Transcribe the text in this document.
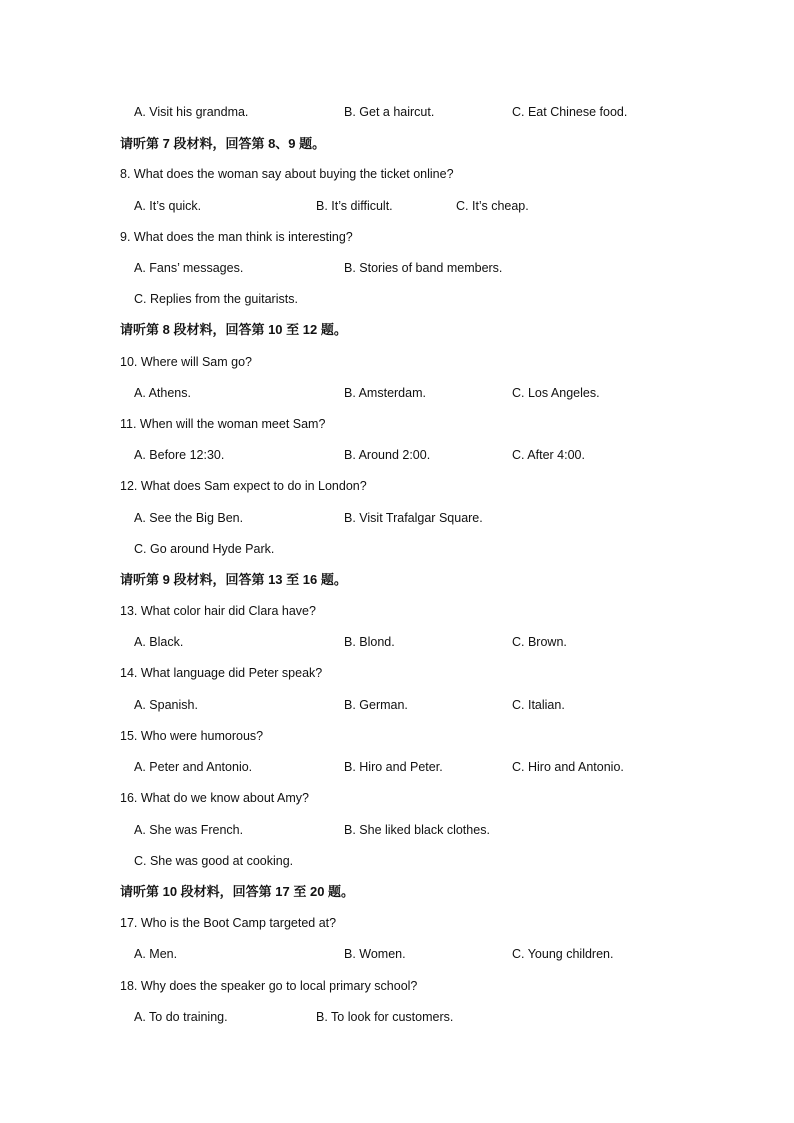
A. Visit his grandma.	B. Get a haircut.	C. Eat Chinese food.
请听第 7 段材料，回答第 8、9 题。
8. What does the woman say about buying the ticket online?
A. It’s quick.	B. It’s difficult.	C. It’s cheap.
9. What does the man think is interesting?
A. Fans’ messages.	B. Stories of band members.
C. Replies from the guitarists.
请听第 8 段材料，回答第 10 至 12 题。
10. Where will Sam go?
A. Athens.	B. Amsterdam.	C. Los Angeles.
11. When will the woman meet Sam?
A. Before 12:30.	B. Around 2:00.	C. After 4:00.
12. What does Sam expect to do in London?
A. See the Big Ben.	B. Visit Trafalgar Square.
C. Go around Hyde Park.
请听第 9 段材料，回答第 13 至 16 题。
13. What color hair did Clara have?
A. Black.	B. Blond.	C. Brown.
14. What language did Peter speak?
A. Spanish.	B. German.	C. Italian.
15. Who were humorous?
A. Peter and Antonio.	B. Hiro and Peter.	C. Hiro and Antonio.
16. What do we know about Amy?
A. She was French.	B. She liked black clothes.
C. She was good at cooking.
请听第 10 段材料，回答第 17 至 20 题。
17. Who is the Boot Camp targeted at?
A. Men.	B. Women.	C. Young children.
18. Why does the speaker go to local primary school?
A. To do training.	B. To look for customers.
